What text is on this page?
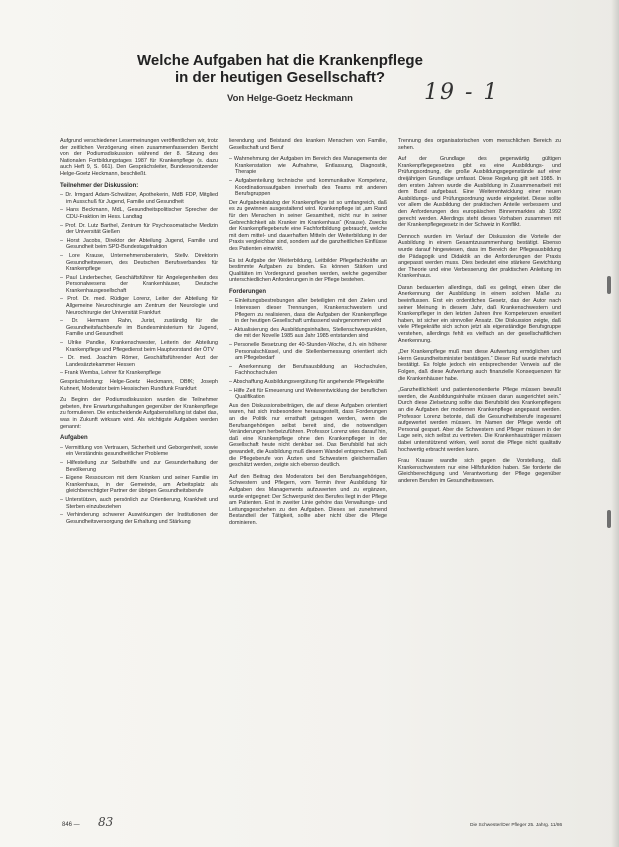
Welche Aufgaben hat die Krankenpflege
in der heutigen Gesellschaft?
Von Helge-Goetz Heckmann	19 - 1

Aufgrund verschiedener Lesermeinungen veröffentlichen wir, trotz der zeitlichen Verzögerung einen zusammenfassenden Bericht von der Podiumsdiskussion während der 8. Sitzung des Nationalen Fortbildungstages 1987 für Krankenpflege (s. dazu auch Heft 9, S. 661). Den Gesprächsleiter, Bundesvorsitzender Helge-Goetz Heckmann, beschließt.

Teilnehmer der Diskussion:
– Dr. Irmgard Adam-Schwätzer, Apothekerin, MdB FDP, Mitglied im Ausschuß für Jugend, Familie und Gesundheit
– Hans Beckmann, MdL, Gesundheitspolitischer Sprecher der CDU-Fraktion im Hess. Landtag
– Prof. Dr. Lutz Barthel, Zentrum für Psychosomatische Medizin der Universität Gießen
– Horst Jacobs, Direktor der Abteilung Jugend, Familie und Gesundheit beim SPD-Bundestagsfraktion
– Lore Krause, Unternehmensberaterin, Stellv. Direktorin Gesundheitswesen, des Deutschen Berufsverbandes für Krankenpflege
– Paul Linderbecher, Geschäftsführer für Angelegenheiten des Personalwesens der Krankenhäuser, Deutsche Krankenhausgesellschaft
– Prof. Dr. med. Rüdiger Lorenz, Leiter der Abteilung für Allgemeine Neurochirurgie am Zentrum der Neurologie und Neurochirurgie der Universität Frankfurt
– Dr. Hermann Rahn, Jurist, zuständig für die Gesundheitsfachberufe im Bundesministerium für Jugend, Familie und Gesundheit
– Ulrike Pandke, Krankenschwester, Leiterin der Abteilung Krankenpflege und Pflegedienst beim Hauptvorstand der ÖTV
– Dr. med. Joachim Römer, Geschäftsführender Arzt der Landesärztekammer Hessen
– Frank Wemba, Lehrer für Krankenpflege

Gesprächsleitung: Helge-Goetz Heckmann, DBfK; Joseph Kuhnert, Moderator beim Hessischen Rundfunk Frankfurt

Zu Beginn der Podiumsdiskussion wurden die Teilnehmer gebeten, ihre Erwartungshaltungen gegenüber der Krankenpflege zu formulieren. Die entscheidende Aufgabenstellung ist dabei das, was in Zukunft wirksam wird. Als wichtigste Aufgaben werden genannt:

Aufgaben
– Vermittlung von Vertrauen, Sicherheit und Geborgenheit, sowie ein Verständnis gesundheitlicher Probleme
– Hilfestellung zur Selbsthilfe und zur Gesunderhaltung der Bevölkerung
– Eigene Ressourcen mit dem Kranken und seiner Familie im Krankenhaus, in der Gemeinde, am Arbeitsplatz als gleichberechtigter Partner der übrigen Gesundheitsberufe
– Unterstützen, auch persönlich zur Orientierung, Krankheit und Sterben einzubeziehen
– Verhinderung schwerer Auswirkungen der Institutionen der Gesundheitsversorgung der Erhaltung und Stärkung

lierendung und Beistand des kranken Menschen von Familie, Gesellschaft und Beruf

– Wahrnehmung der Aufgaben im Bereich des Managements der Krankenstation wie Aufnahme, Entlassung, Diagnostik, Therapie
– Aufgabenteilung technische und kommunikative Kompetenz, Koordinationsaufgaben innerhalb des Teams mit anderen Berufsgruppen

Der Aufgabenkatalog der Krankenpflege ist so umfangreich, daß es zu gewinnen ausgestaltend wird. Krankenpflege ist „am Rand für den Menschen in seiner Gesamtheit, nicht nur in seiner Gebrechlichkeit als Kranker im Krankenhaus“ (Krause). Zwecks der Krankenpflegeberufe eine Fachfortbildung gebraucht, welche mit dem mittel- und dauerhaften Mitteln der Weiterbildung in der Praxis vergleichbar sind, sondern auf die ganzheitlichen Einflüsse des Patienten einwirkt.

Es ist Aufgabe der Weiterbildung, Leitbilder Pflegefachkräfte an bestimmte Aufgaben zu binden. Es können Stärken und Qualitäten im Vordergrund gesehen werden, welche gegenüber unterschiedlichen Anforderungen in der Pflege bestehen.

Forderungen
– Einleitungsbestrebungen aller beteiligten mit den Zielen und Interessen dieser Trennungen, Krankenschwestern und Pflegern zu realisieren, dass die Aufgaben der Krankenpflege in der heutigen Gesellschaft umfassend wahrgenommen wird
– Aktualisierung des Ausbildungsinhaltes, Stellenschwerpunkten, die mit der Novelle 1985 aus Jahr 1985 entstanden sind
– Personelle Besetzung der 40-Stunden-Woche, d.h. ein höherer Personalschlüssel, und die Stellenbemessung orientiert sich am Pflegebedarf
– Anerkennung der Berufsausbildung an Hochschulen, Fachhochschulen
– Abschaffung Ausbildungsvergütung für angehende Pflegekräfte
– Hilfe Zeit für Erneuerung und Weiterentwicklung der beruflichen Qualifikation

Aus den Diskussionsbeiträgen, die auf diese Aufgaben orientiert waren, hat sich insbesondere herausgestellt, dass Forderungen an die Politik nur ernsthaft getragen werden, wenn die Berufsangehörigen selbst bereit sind, die notwendigen Veränderungen herbeizuführen. Professor Lorenz wies darauf hin, daß eine Krankenpflege ohne den Krankenpfleger in der Gesellschaft heute nicht denkbar sei. Das Berufsbild hat sich gewandelt, die Ausbildung muß diesem Wandel entsprechen. Daß die Pflegeberufe von Ärzten und Schwestern gleichermaßen geschätzt werden, zeigte sich ebenso deutlich.

Auf den Beitrag des Moderators bei den Berufsangehörigen, Schwestern und Pflegern, vom Termin ihrer Ausbildung für Aufgaben des Managements aufzuwerten und zu ergänzen, wurde entgegnet: Der Schwerpunkt des Berufes liegt in der Pflege am Patienten. Erst in zweiter Linie gehöre das Verwaltungs- und Leitungsgeschehen zu den Aufgaben. Dieses sei zunehmend Bestandteil der Tätigkeit, sollte aber nicht über die Pflege dominieren.

Trennung des organisatorischen vom menschlichen Bereich zu sehen.

Auf der Grundlage des gegenwärtig gültigen Krankenpflegegesetzes gibt es eine Ausbildungs- und Prüfungsordnung, die große Ausbildungsgegenstände auf einer dreijährigen Grundlage umfasst. Diese Regelung gilt seit 1985. In den ersten Jahren wurde die Ausbildung in Zusammenarbeit mit dem Bund aufgebaut. Eine Weiterentwicklung einer neuen Ausbildungs- und Prüfungsordnung wurde eingeleitet. Diese sollte vor allem die Ausbildung der praktischen Anteile verbessern und den Anforderungen des europäischen Binnenmarktes ab 1992 gerecht werden. Allerdings steht dieses Vorhaben zusammen mit der Krankenpflegegesetz in der Schweiz in Konflikt.

Dennoch wurden im Verlauf der Diskussion die Vorteile der Ausbildung in einem Gesamtzusammenhang bestätigt. Ebenso wurde darauf hingewiesen, dass im Bereich der Pflegeausbildung die Pädagogik und Didaktik an die Anforderungen der Praxis angepasst werden muss. Dies bedeutet eine stärkere Gewichtung der Theorie und eine Verbesserung der praktischen Anleitung im Krankenhaus.

Daran bedauerten allerdings, daß es gelingt, einen über die Anerkennung der Ausbildung in einem solchen Maße zu beeinflussen. Erst ein ordentliches Gesetz, das der Autor nach seiner Meinung in diesem Jahr, daß Krankenschwestern und Krankenpfleger in den letzten Jahren ihre Kompetenzen erweitert haben, ist sicher ein sinnvoller Ansatz. Die Diskussion zeigte, daß viele Pflegekräfte sich schon jetzt als eigenständige Berufsgruppe verstehen, allerdings fehlt es vielfach an der gesellschaftlichen Anerkennung.

„Der Krankenpflege muß man diese Aufwertung ermöglichen und Herrn Gesundheitsminister bestätigen.“ Dieser Ruf wurde mehrfach bestätigt. Es folgte jedoch ein entsprechender Verweis auf die Folgen, daß diese Aufwertung auch finanzielle Konsequenzen für die Krankenhäuser habe.

„Ganzheitlichkeit und patientenorientierte Pflege müssen bewußt werden, die Ausbildungsinhalte müssen daran ausgerichtet sein.“ Durch diese Zielsetzung sollte das Berufsbild des Krankenpflegers an die Aufgaben der modernen Krankenpflege angepasst werden. Professor Lorenz betonte, daß die Gesundheitsberufe insgesamt aufgewertet werden müssen. Im Namen der Pflege werde oft Personal gespart. Aber die Schwestern und Pfleger müssen in der Lage sein, sich selbst zu vertreten. Die Krankenhausträger müssen dabei unterstützend wirken, weil sonst die Pflege nicht qualitativ hochwertig erbracht werden kann.

Frau Krause wandte sich gegen die Vorstellung, daß Krankenschwestern nur eine Hilfsfunktion haben. Sie forderte die Gleichberechtigung und Verantwortung der Pflege gegenüber anderen Berufen im Gesundheitswesen.

846 — 83	Die Schwester/Der Pfleger 25. Jahrg. 11/86
